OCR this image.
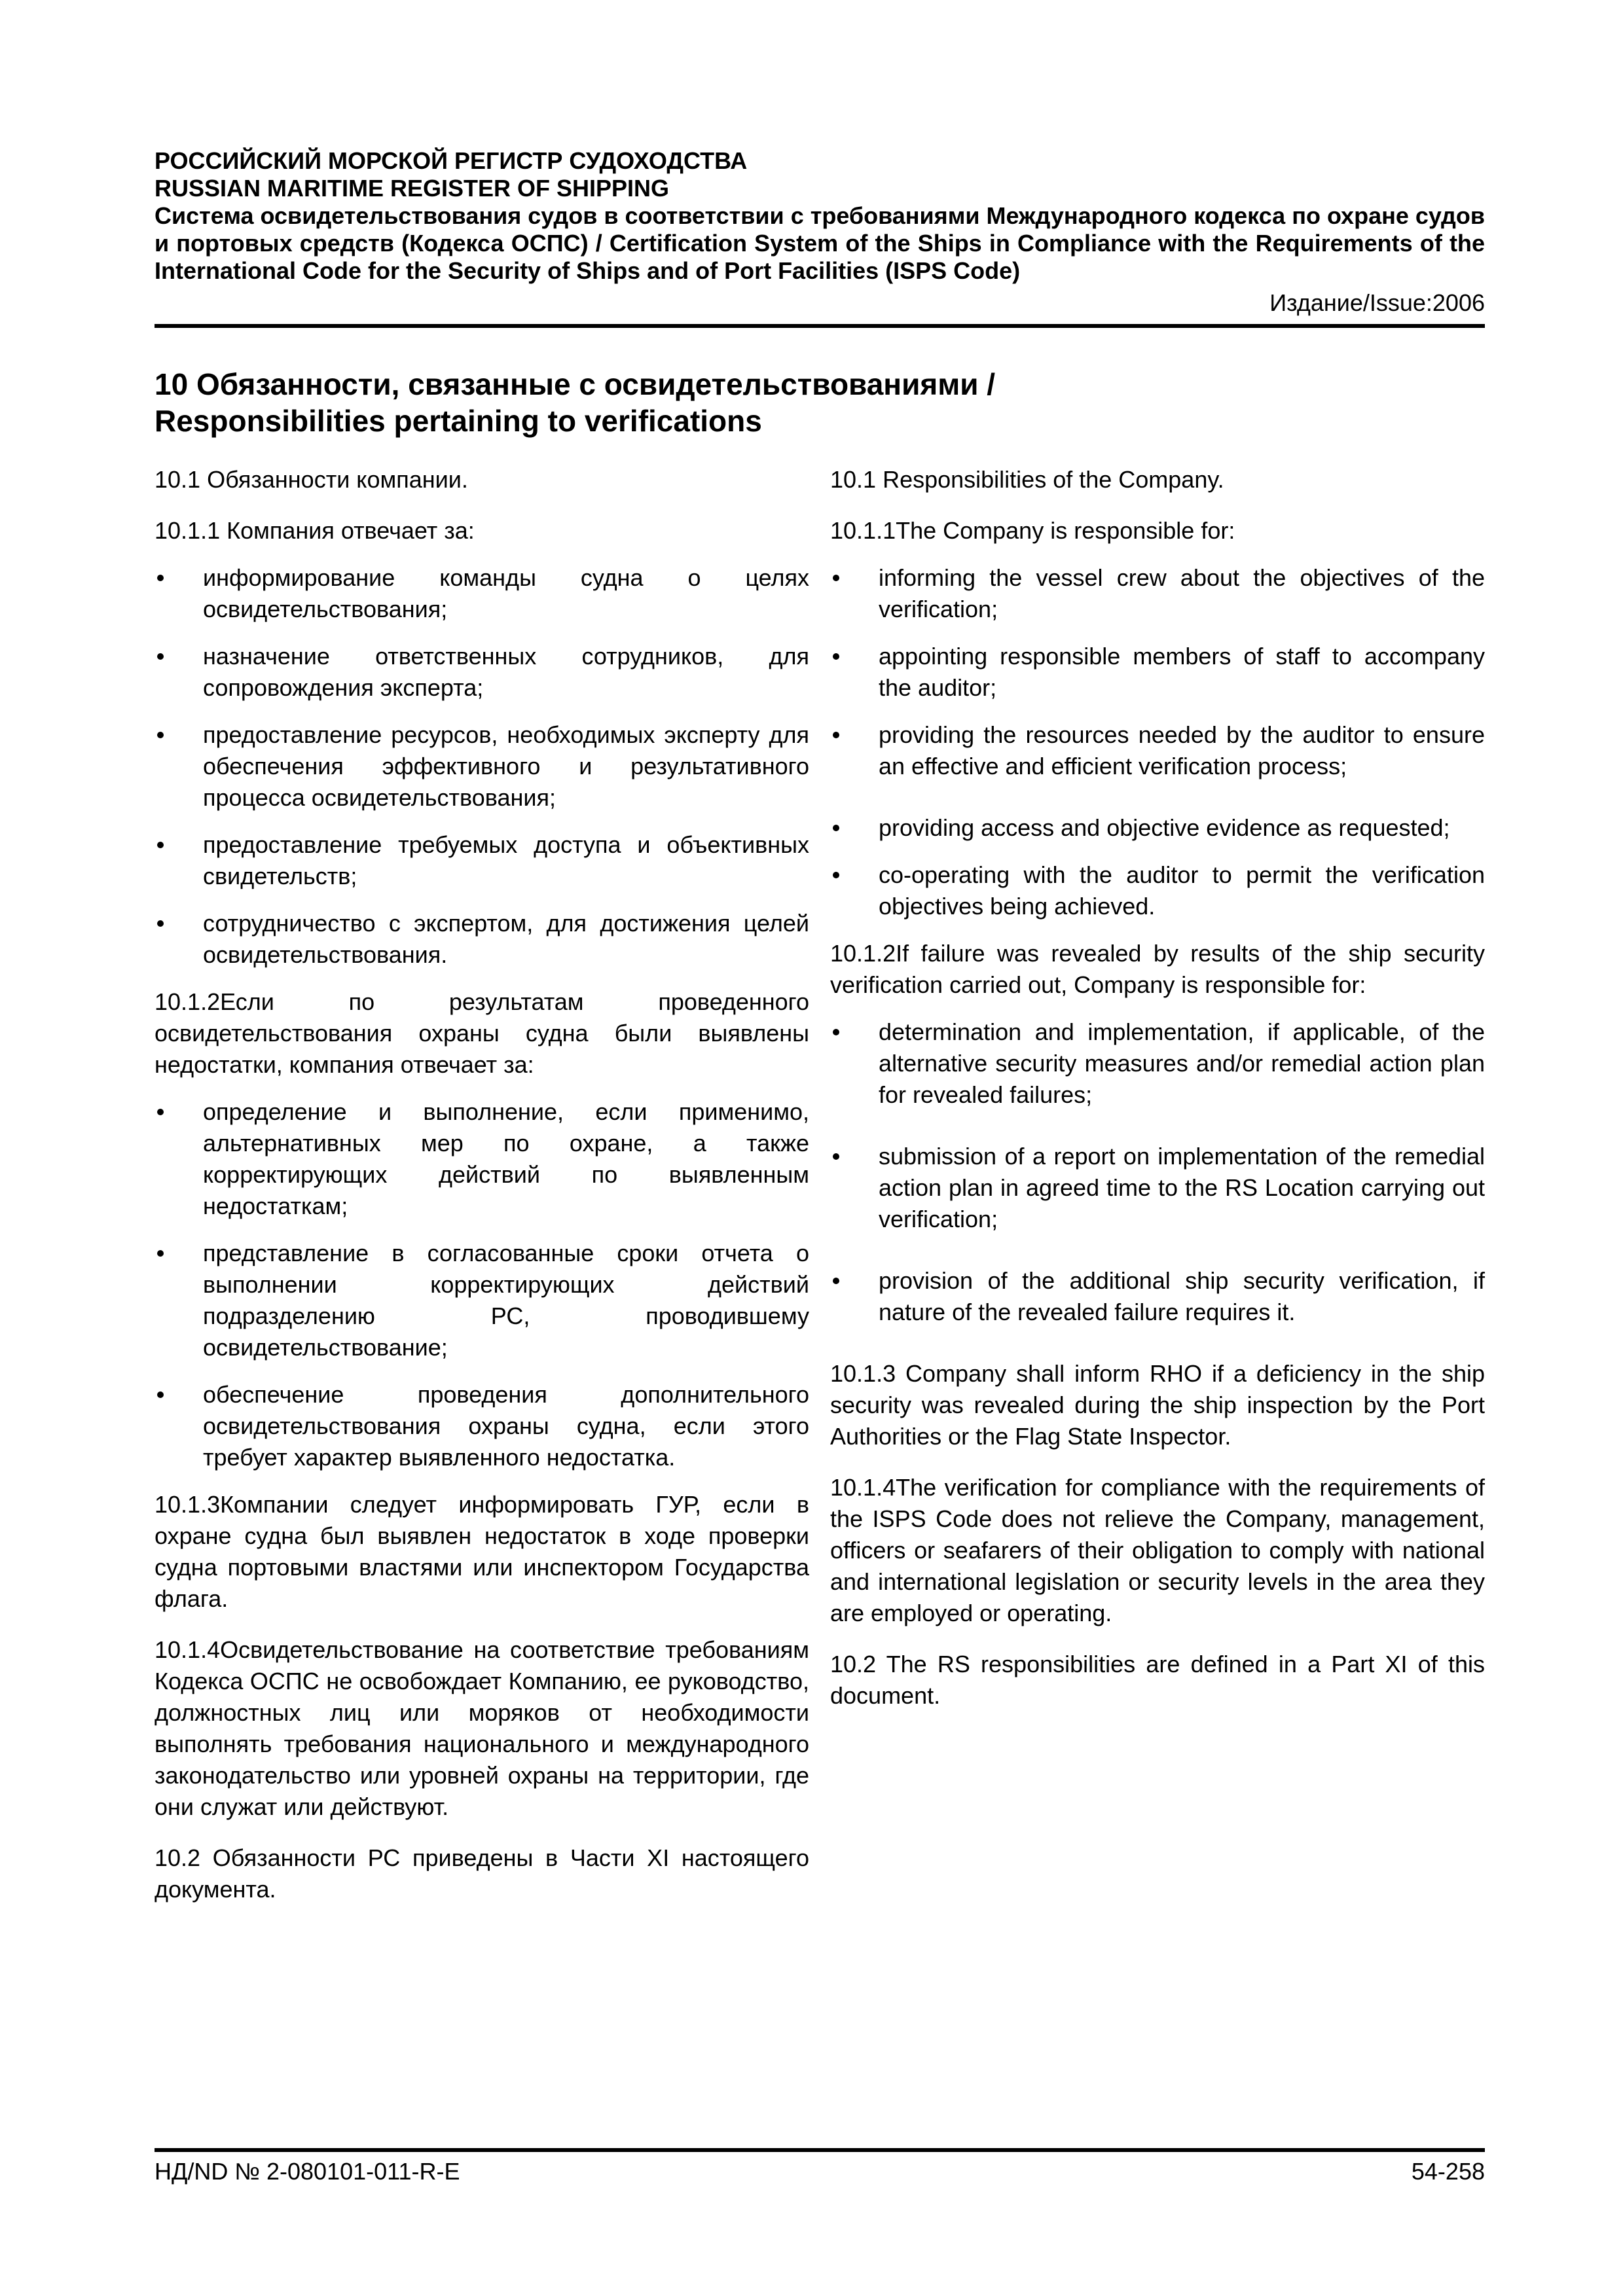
РОССИЙСКИЙ МОРСКОЙ РЕГИСТР СУДОХОДСТВА
RUSSIAN MARITIME REGISTER OF SHIPPING
Система освидетельствования судов в соответствии с требованиями Международного кодекса по охране судов и портовых средств (Кодекса ОСПС) / Certification System of the Ships in Compliance with the Requirements of the International Code for the Security of Ships and of Port Facilities (ISPS Code)
Издание/Issue:2006
10 Обязанности, связанные с освидетельствованиями /
Responsibilities pertaining to verifications

10.1 Обязанности компании.

10.1.1 Компания отвечает за:

информирование команды судна о целях освидетельствования;
назначение ответственных сотрудников, для сопровождения эксперта;
предоставление ресурсов, необходимых эксперту для обеспечения эффективного и результативного процесса освидетельствования;
предоставление требуемых доступа и объективных свидетельств;
сотрудничество с экспертом, для достижения целей освидетельствования.

10.1.2Если по результатам проведенного освидетельствования охраны судна были выявлены недостатки, компания отвечает за:

определение и выполнение, если применимо, альтернативных мер по охране, а также корректирующих действий по выявленным недостаткам;
представление в согласованные сроки отчета о выполнении корректирующих действий подразделению РС, проводившему освидетельствование;
обеспечение проведения дополнительного освидетельствования охраны судна, если этого требует характер выявленного недостатка.

10.1.3Компании следует информировать ГУР, если в охране судна был выявлен недостаток в ходе проверки судна портовыми властями или инспектором Государства флага.

10.1.4Освидетельствование на соответствие требованиям Кодекса ОСПС не освобождает Компанию, ее руководство, должностных лиц или моряков от необходимости выполнять требования национального и международного законодательство или уровней охраны на территории, где они служат или действуют.

10.2 Обязанности РС приведены в Части XI настоящего документа.

10.1 Responsibilities of the Company.

10.1.1The Company is responsible for:

informing the vessel crew about the objectives of the verification;
appointing responsible members of staff to accompany the auditor;
providing the resources needed by the auditor to ensure an effective and efficient verification process;
providing access and objective evidence as requested;
co-operating with the auditor to permit the verification objectives being achieved.

10.1.2If failure was revealed by results of the ship security verification carried out, Company is responsible for:

determination and implementation, if applicable, of the alternative security measures and/or remedial action plan for revealed failures;
submission of a report on implementation of the remedial action plan in agreed time to the RS Location carrying out verification;
provision of the additional ship security verification, if nature of the revealed failure requires it.

10.1.3 Company shall inform RHO if a deficiency in the ship security was revealed during the ship inspection by the Port Authorities or the Flag State Inspector.

10.1.4The verification for compliance with the requirements of the ISPS Code does not relieve the Company, management, officers or seafarers of their obligation to comply with national and international legislation or security levels in the area they are employed or operating.

10.2 The RS responsibilities are defined in a Part XI of this document.

НД/ND № 2-080101-011-R-E	54-258
